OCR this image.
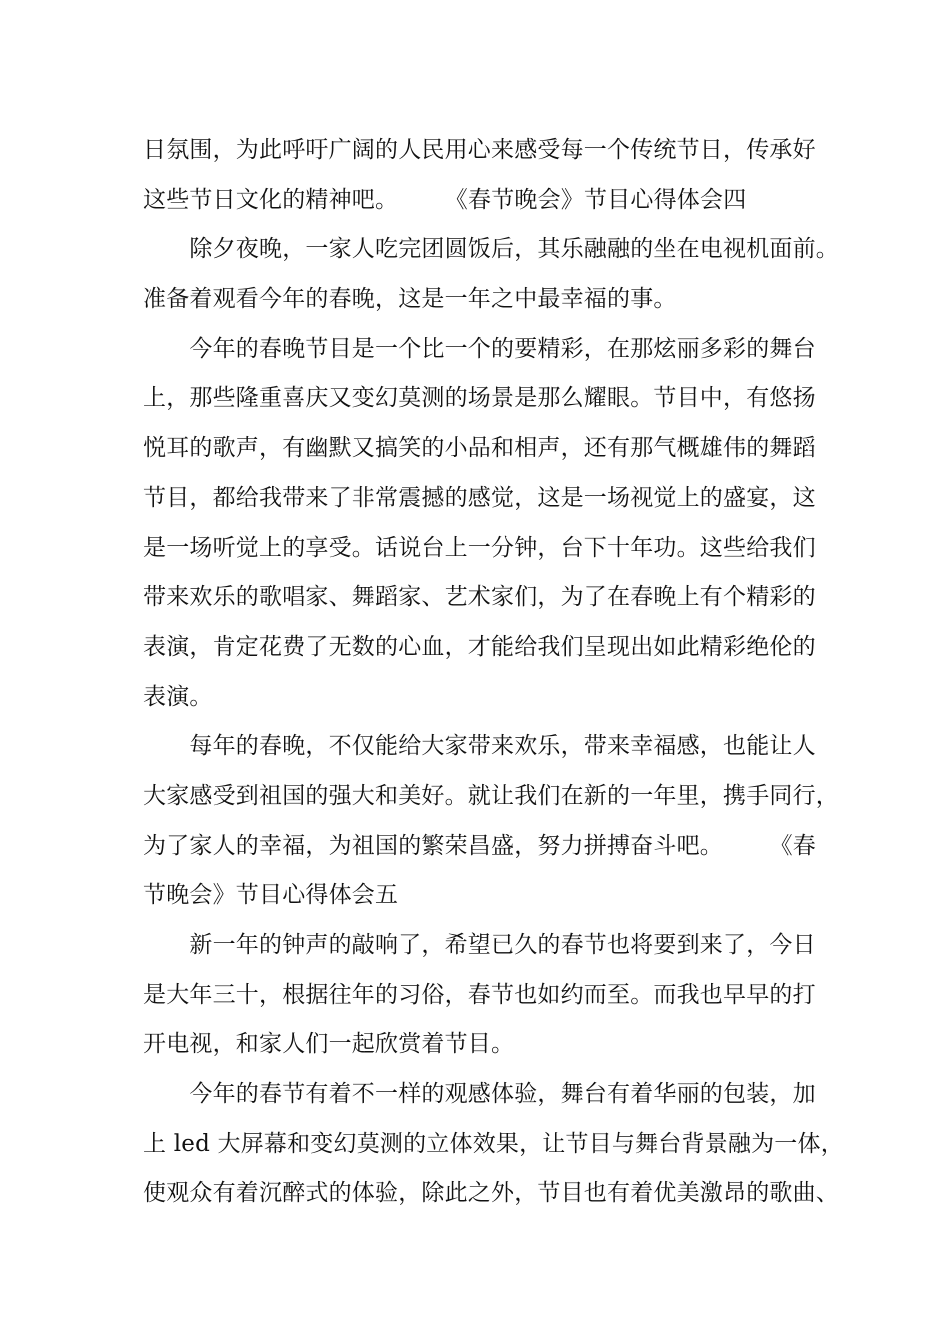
日氛围，为此呼吁广阔的人民用心来感受每一个传统节日，传承好
这些节日文化的精神吧。　　　《春节晚会》节目心得体会四
　　除夕夜晚，一家人吃完团圆饭后，其乐融融的坐在电视机面前。
准备着观看今年的春晚，这是一年之中最幸福的事。
　　今年的春晚节目是一个比一个的要精彩，在那炫丽多彩的舞台
上，那些隆重喜庆又变幻莫测的场景是那么耀眼。节目中，有悠扬
悦耳的歌声，有幽默又搞笑的小品和相声，还有那气概雄伟的舞蹈
节目，都给我带来了非常震撼的感觉，这是一场视觉上的盛宴，这
是一场听觉上的享受。话说台上一分钟，台下十年功。这些给我们
带来欢乐的歌唱家、舞蹈家、艺术家们，为了在春晚上有个精彩的
表演，肯定花费了无数的心血，才能给我们呈现出如此精彩绝伦的
表演。
　　每年的春晚，不仅能给大家带来欢乐，带来幸福感，也能让人
大家感受到祖国的强大和美好。就让我们在新的一年里，携手同行，
为了家人的幸福，为祖国的繁荣昌盛，努力拼搏奋斗吧。　　　《春
节晚会》节目心得体会五
　　新一年的钟声的敲响了，希望已久的春节也将要到来了，今日
是大年三十，根据往年的习俗，春节也如约而至。而我也早早的打
开电视，和家人们一起欣赏着节目。
　　今年的春节有着不一样的观感体验，舞台有着华丽的包装，加
上 led 大屏幕和变幻莫测的立体效果，让节目与舞台背景融为一体，
使观众有着沉醉式的体验，除此之外，节目也有着优美激昂的歌曲、
